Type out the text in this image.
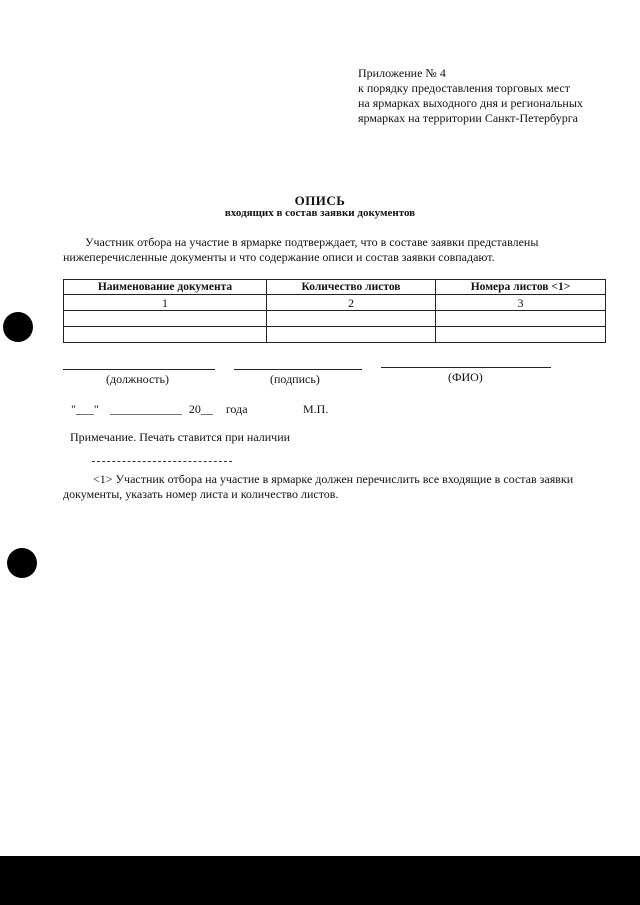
Приложение № 4
к порядку предоставления торговых мест
на ярмарках выходного дня и региональных
ярмарках на территории Санкт-Петербурга
ОПИСЬ
входящих в состав заявки документов
Участник отбора на участие в ярмарке подтверждает, что в составе заявки представлены
нижеперечисленные документы и что содержание описи и состав заявки совпадают.
Наименование документа	Количество листов	Номера листов <1>
1	2	3

(должность)	(подпись)	(ФИО)
"___" ____________ 20__ года	М.П.
Примечание. Печать ставится при наличии
<1> Участник отбора на участие в ярмарке должен перечислить все входящие в состав заявки
документы, указать номер листа и количество листов.
